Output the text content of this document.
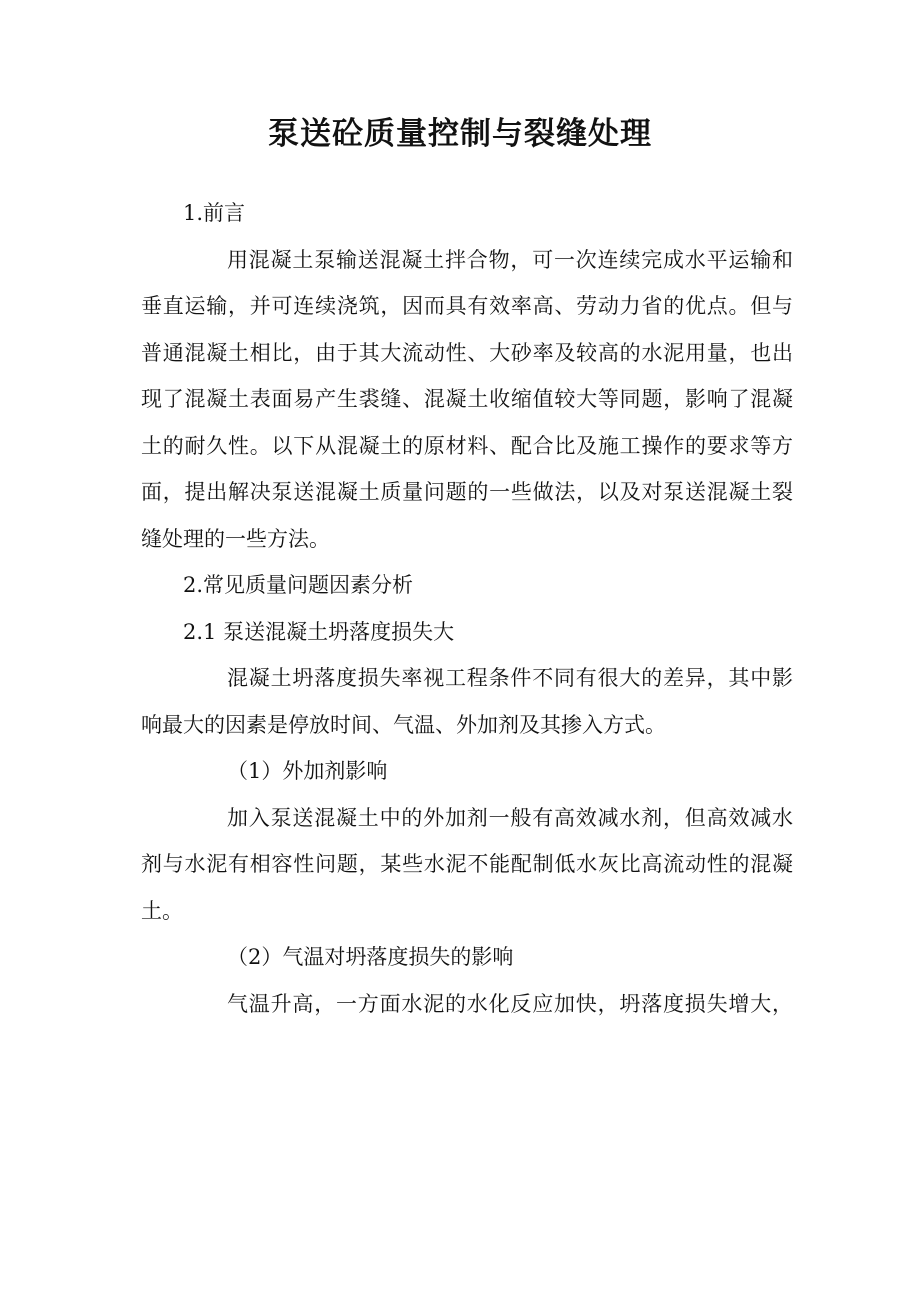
泵送砼质量控制与裂缝处理
1.前言
用混凝土泵输送混凝土拌合物，可一次连续完成水平运输和
垂直运输，并可连续浇筑，因而具有效率高、劳动力省的优点。但与
普通混凝土相比，由于其大流动性、大砂率及较高的水泥用量，也出
现了混凝土表面易产生裘缝、混凝土收缩值较大等同题，影响了混凝
土的耐久性。以下从混凝土的原材料、配合比及施工操作的要求等方
面，提出解决泵送混凝土质量问题的一些做法，以及对泵送混凝土裂
缝处理的一些方法。
2.常见质量问题因素分析
2.1 泵送混凝土坍落度损失大
混凝土坍落度损失率视工程条件不同有很大的差异，其中影
响最大的因素是停放时间、气温、外加剂及其掺入方式。
（1）外加剂影响
加入泵送混凝土中的外加剂一般有高效减水剂，但高效减水
剂与水泥有相容性问题，某些水泥不能配制低水灰比高流动性的混凝
土。
（2）气温对坍落度损失的影响
气温升高，一方面水泥的水化反应加快，坍落度损失增大，
